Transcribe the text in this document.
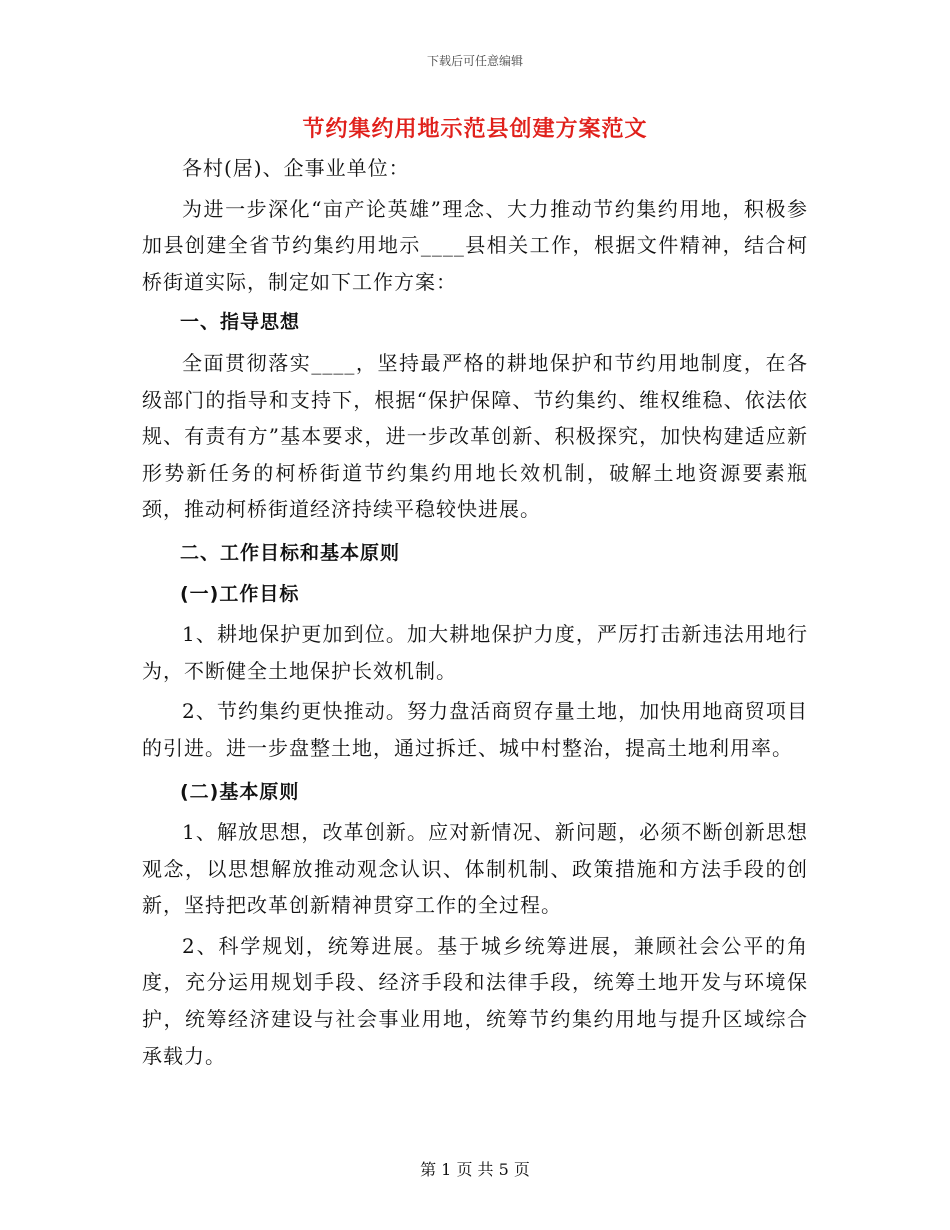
下载后可任意编辑
节约集约用地示范县创建方案范文

各村(居)、企事业单位：

为进一步深化“亩产论英雄”理念、大力推动节约集约用地，积极参加县创建全省节约集约用地示____县相关工作，根据文件精神，结合柯桥街道实际，制定如下工作方案：

一、指导思想

全面贯彻落实____，坚持最严格的耕地保护和节约用地制度，在各级部门的指导和支持下，根据“保护保障、节约集约、维权维稳、依法依规、有责有方”基本要求，进一步改革创新、积极探究，加快构建适应新形势新任务的柯桥街道节约集约用地长效机制，破解土地资源要素瓶颈，推动柯桥街道经济持续平稳较快进展。

二、工作目标和基本原则

(一)工作目标

1、耕地保护更加到位。加大耕地保护力度，严厉打击新违法用地行为，不断健全土地保护长效机制。

2、节约集约更快推动。努力盘活商贸存量土地，加快用地商贸项目的引进。进一步盘整土地，通过拆迁、城中村整治，提高土地利用率。

(二)基本原则

1、解放思想，改革创新。应对新情况、新问题，必须不断创新思想观念，以思想解放推动观念认识、体制机制、政策措施和方法手段的创新，坚持把改革创新精神贯穿工作的全过程。

2、科学规划，统筹进展。基于城乡统筹进展，兼顾社会公平的角度，充分运用规划手段、经济手段和法律手段，统筹土地开发与环境保护，统筹经济建设与社会事业用地，统筹节约集约用地与提升区域综合承载力。

第 1 页 共 5 页
